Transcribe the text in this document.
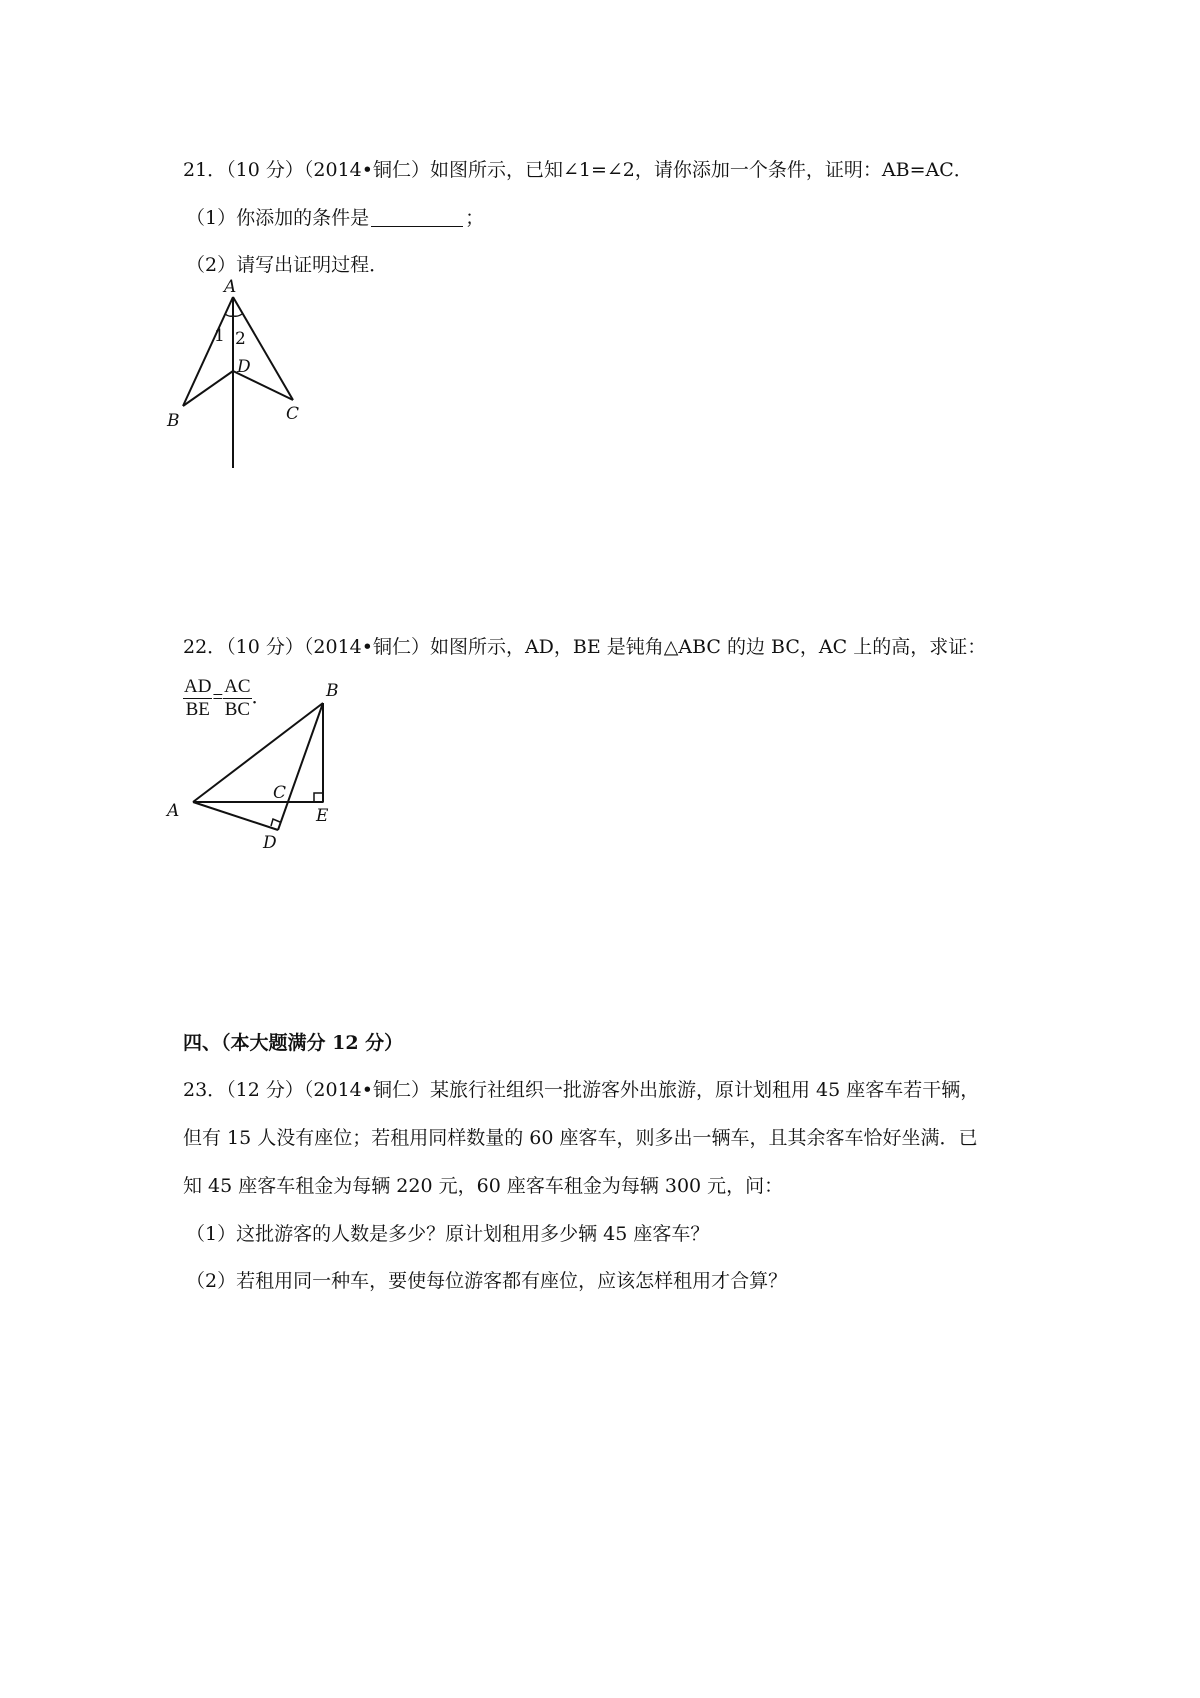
21．（10 分）（2014•铜仁）如图所示，已知∠1=∠2，请你添加一个条件，证明：AB=AC．
（1）你添加的条件是	；
（2）请写出证明过程．
A
1 2
D
B	C
22．（10 分）（2014•铜仁）如图所示，AD，BE 是钝角△ABC 的边 BC，AC 上的高，求证：
$\frac{AD}{BE} = \frac{AC}{BC}$ ．	B
C
A	E
D
四、（本大题满分 12 分）
23．（12 分）（2014•铜仁）某旅行社组织一批游客外出旅游，原计划租用 45 座客车若干辆，
但有 15 人没有座位；若租用同样数量的 60 座客车，则多出一辆车，且其余客车恰好坐满．已
知 45 座客车租金为每辆 220 元，60 座客车租金为每辆 300 元，问：
（1）这批游客的人数是多少？原计划租用多少辆 45 座客车？
（2）若租用同一种车，要使每位游客都有座位，应该怎样租用才合算？
